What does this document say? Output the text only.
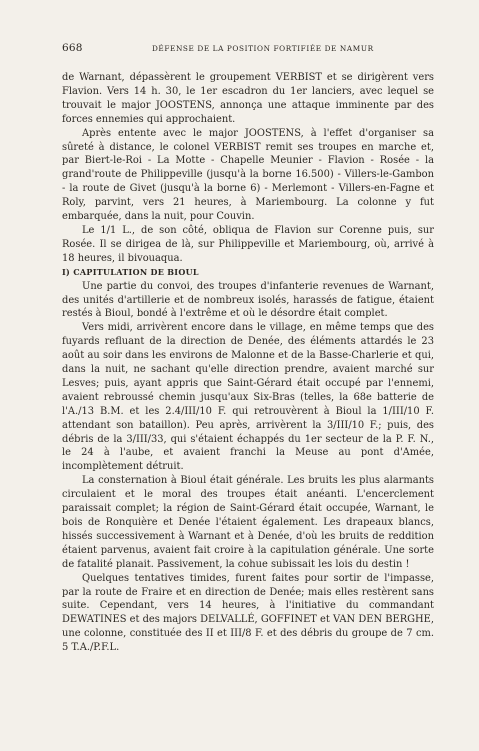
668	DÉFENSE DE LA POSITION FORTIFIÉE DE NAMUR

de Warnant, dépassèrent le groupement VERBIST et se dirigèrent vers Flavion. Vers 14 h. 30, le 1er escadron du 1er lanciers, avec lequel se trouvait le major JOOSTENS, annonça une attaque imminente par des forces ennemies qui approchaient.

Après entente avec le major JOOSTENS, à l'effet d'organiser sa sûreté à distance, le colonel VERBIST remit ses troupes en marche et, par Biert-le-Roi - La Motte - Chapelle Meunier - Flavion - Rosée - la grand'route de Philippeville (jusqu'à la borne 16.500) - Villers-le-Gambon - la route de Givet (jusqu'à la borne 6) - Merlemont - Villers-en-Fagne et Roly, parvint, vers 21 heures, à Mariembourg. La colonne y fut embarquée, dans la nuit, pour Couvin.

Le 1/1 L., de son côté, obliqua de Flavion sur Corenne puis, sur Rosée. Il se dirigea de là, sur Philippeville et Mariembourg, où, arrivé à 18 heures, il bivouaqua.

I) CAPITULATION DE BIOUL

Une partie du convoi, des troupes d'infanterie revenues de Warnant, des unités d'artillerie et de nombreux isolés, harassés de fatigue, étaient restés à Bioul, bondé à l'extrême et où le désordre était complet.

Vers midi, arrivèrent encore dans le village, en même temps que des fuyards refluant de la direction de Denée, des éléments attardés le 23 août au soir dans les environs de Malonne et de la Basse-Charlerie et qui, dans la nuit, ne sachant qu'elle direction prendre, avaient marché sur Lesves; puis, ayant appris que Saint-Gérard était occupé par l'ennemi, avaient rebroussé chemin jusqu'aux Six-Bras (telles, la 68e batterie de l'A./13 B.M. et les 2.4/III/10 F. qui retrouvèrent à Bioul la 1/III/10 F. attendant son bataillon). Peu après, arrivèrent la 3/III/10 F.; puis, des débris de la 3/III/33, qui s'étaient échappés du 1er secteur de la P. F. N., le 24 à l'aube, et avaient franchi la Meuse au pont d'Amée, incomplètement détruit.

La consternation à Bioul était générale. Les bruits les plus alarmants circulaient et le moral des troupes était anéanti. L'encerclement paraissait complet; la région de Saint-Gérard était occupée, Warnant, le bois de Ronquière et Denée l'étaient également. Les drapeaux blancs, hissés successivement à Warnant et à Denée, d'où les bruits de reddition étaient parvenus, avaient fait croire à la capitulation générale. Une sorte de fatalité planait. Passivement, la cohue subissait les lois du destin !

Quelques tentatives timides, furent faites pour sortir de l'impasse, par la route de Fraire et en direction de Denée; mais elles restèrent sans suite. Cependant, vers 14 heures, à l'initiative du commandant DEWATINES et des majors DELVALLÉ, GOFFINET et VAN DEN BERGHE, une colonne, constituée des II et III/8 F. et des débris du groupe de 7 cm. 5 T.A./P.F.L.
